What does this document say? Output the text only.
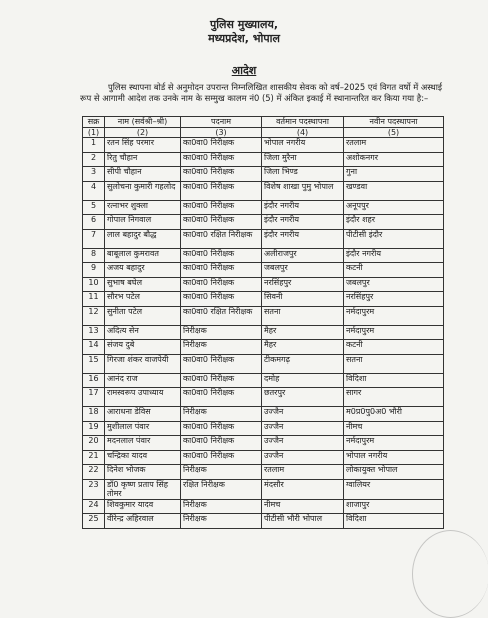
पुलिस मुख्यालय,
मध्यप्रदेश, भोपाल
आदेश

पुलिस स्थापना बोर्ड से अनुमोदन उपरान्त निम्नलिखित शासकीय सेवक को वर्ष–2025 एवं विगत वर्षो में अस्थाई रूप से आगामी आदेश तक उनके नाम के सम्मुख कालम नं0 (5) में अंकित इकाई में स्थानान्तरित कर किया गया है:–

सक्र	नाम (सर्वश्री–श्री)	पदनाम	वर्तमान पदस्थापना	नवीन पदस्थापना
(1)	(2)	(3)	(4)	(5)
1	रतन सिंह परमार	का0वा0 निरीक्षक	भोपाल नगरीय	रतलाम
2	रितु चौहान	का0वा0 निरीक्षक	जिला मुरैना	अशोकनगर
3	सीपी चौहान	का0वा0 निरीक्षक	जिला भिण्ड	गुना
4	सुलोचना कुमारी गहलोद	का0वा0 निरीक्षक	विशेष शाखा पुमु भोपाल	खण्डवा
5	रत्नाभर शुक्ला	का0वा0 निरीक्षक	इंदौर नगरीय	अनूपपुर
6	गोपाल निगवाल	का0वा0 निरीक्षक	इंदौर नगरीय	इंदौर शहर
7	लाल बहादुर बौद्ध	का0वा0 रक्षित निरीक्षक	इंदौर नगरीय	पीटीसी इंदौर
8	बाबूलाल कुमरावत	का0वा0 निरीक्षक	अलीराजपुर	इंदौर नगरीय
9	अजय बहादुर	का0वा0 निरीक्षक	जबलपुर	कटनी
10	सुभाष बघेल	का0वा0 निरीक्षक	नरसिंहपुर	जबलपुर
11	सौरभ पटेल	का0वा0 निरीक्षक	सिवनी	नरसिंहपुर
12	सुनीता पटेल	का0वा0 रक्षित निरीक्षक	सतना	नर्मदापुरम
13	अदित्य सेन	निरीक्षक	मैहर	नर्मदापुरम
14	संजय दुबे	निरीक्षक	मैहर	कटनी
15	गिरजा शंकर वाजपेयी	का0वा0 निरीक्षक	टीकमगढ़	सतना
16	आनंद राज	का0वा0 निरीक्षक	दमोह	विदिशा
17	रामस्वरूप उपाध्याय	का0वा0 निरीक्षक	छतरपुर	सागर
18	आराधना डेविस	निरीक्षक	उज्जैन	म0प्र0पु0अ0 भौरी
19	मुशीलाल पंवार	का0वा0 निरीक्षक	उज्जैन	नीमच
20	मदनलाल पंवार	का0वा0 निरीक्षक	उज्जैन	नर्मदापुरम
21	चन्द्रिका यादव	का0वा0 निरीक्षक	उज्जैन	भोपाल नगरीय
22	दिनेश भोजक	निरीक्षक	रतलाम	लोकायुक्त भोपाल
23	डॉ0 कृष्ण प्रताप सिंह तोमर	रक्षित निरीक्षक	मंदसौर	ग्वालियर
24	शिवकुमार यादव	निरीक्षक	नीमच	शाजापुर
25	वीरेन्द्र अहिरवाल	निरीक्षक	पीटीसी भौरी भोपाल	विदिशा
